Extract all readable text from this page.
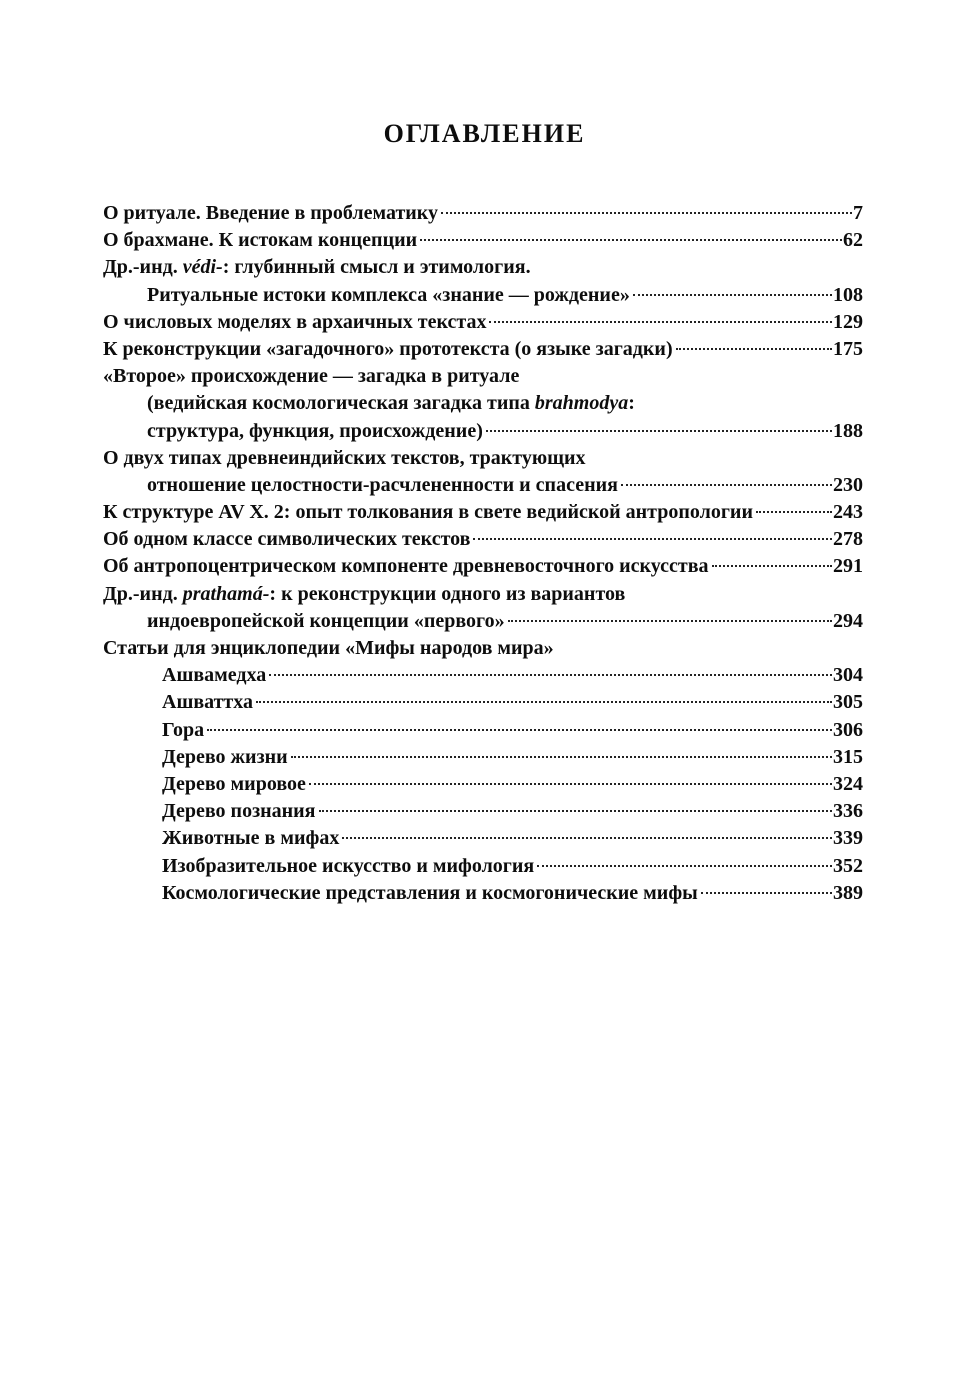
ОГЛАВЛЕНИЕ
О ритуале. Введение в проблематику	7
О брахмане. К истокам концепции	62
Др.-инд. védi-: глубинный смысл и этимология.
Ритуальные истоки комплекса «знание — рождение»	108
О числовых моделях в архаичных текстах	129
К реконструкции «загадочного» прототекста (о языке загадки)	175
«Второе» происхождение — загадка в ритуале
(ведийская космологическая загадка типа brahmodya:
структура, функция, происхождение)	188
О двух типах древнеиндийских текстов, трактующих
отношение целостности-расчлененности и спасения	230
К структуре AV X. 2: опыт толкования в свете ведийской антропологии	243
Об одном классе символических текстов	278
Об антропоцентрическом компоненте древневосточного искусства	291
Др.-инд. prathamá-: к реконструкции одного из вариантов
индоевропейской концепции «первого»	294
Статьи для энциклопедии «Мифы народов мира»
Ашвамедха	304
Ашваттха	305
Гора	306
Дерево жизни	315
Дерево мировое	324
Дерево познания	336
Животные в мифах	339
Изобразительное искусство и мифология	352
Космологические представления и космогонические мифы	389
